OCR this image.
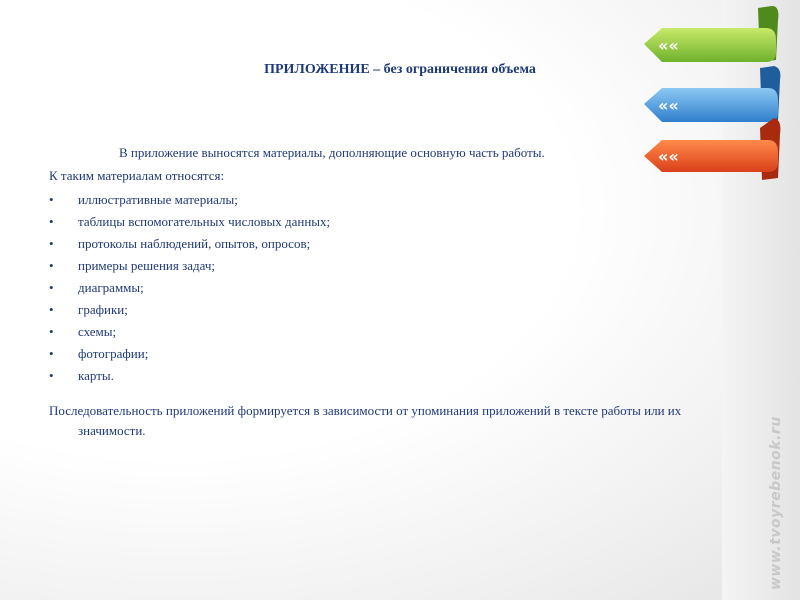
««
««
««
www.tvoyrebenok.ru
ПРИЛОЖЕНИЕ – без ограничения объема

В приложение выносятся материалы, дополняющие основную часть работы.

К таким материалам относятся:

• иллюстративные материалы;
• таблицы вспомогательных числовых данных;
• протоколы наблюдений, опытов, опросов;
• примеры решения задач;
• диаграммы;
• графики;
• схемы;
• фотографии;
• карты.

Последовательность приложений формируется в зависимости от упоминания приложений в тексте работы или их значимости.
